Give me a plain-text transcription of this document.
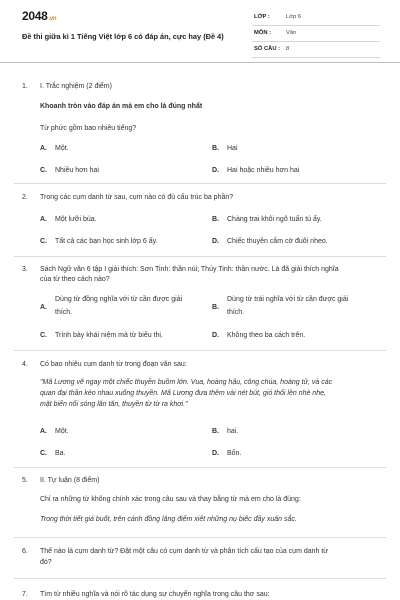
2048.vn
Đề thi giữa kì 1 Tiếng Việt lớp 6 có đáp án, cực hay (Đề 4)
LỚP :	Lớp 6
MÔN :	Văn
SỐ CÂU : 8
1. I. Trắc nghiệm (2 điểm)
Khoanh tròn vào đáp án mà em cho là đúng nhất
Từ phức gồm bao nhiêu tiếng?
A. Một.	B. Hai
C. Nhiều hơn hai	D. Hai hoặc nhiều hơn hai
2. Trong các cụm danh từ sau, cụm nào có đủ cấu trúc ba phần?
A. Một lưỡi búa.	B. Chàng trai khôi ngô tuấn tú ấy.
C. Tất cả các bạn học sinh lớp 6 ấy.	D. Chiếc thuyền cắm cờ đuôi nheo.
3. Sách Ngữ văn 6 tập I giải thích: Sơn Tinh: thần núi; Thủy Tinh: thần nước. Là đã giải thích nghĩa
của từ theo cách nào?
A.
Dùng từ đồng nghĩa với từ cần được giải
thích.
B.
Dùng từ trái nghĩa với từ cần được giải
thích.
C. Trình bày khái niệm mà từ biểu thị.	D. Không theo ba cách trên.
4. Có bao nhiêu cụm danh từ trong đoạn văn sau:
"Mã Lương vẽ ngay một chiếc thuyền buồm lớn. Vua, hoàng hậu, công chúa, hoàng tử, và các
quan đại thần kéo nhau xuống thuyền. Mã Lương đưa thêm vài nét bút, gió thổi lên nhè nhẹ,
mặt biển nổi sóng lăn tăn, thuyền từ từ ra khơi."
A. Một.	B. hai.
C. Ba.	D. Bốn.
5. II. Tự luận (8 điểm)
Chỉ ra những từ không chính xác trong câu sau và thay bằng từ mà em cho là đúng:
Trong thời tiết giá buốt, trên cánh đồng lăng điểm xiết những nụ biếc đầy xuân sắc.
6. Thế nào là cụm danh từ? Đặt một câu có cụm danh từ và phân tích cấu tạo của cụm danh từ
đó?
7. Tìm từ nhiều nghĩa và nói rõ tác dụng sự chuyển nghĩa trong câu thơ sau:
